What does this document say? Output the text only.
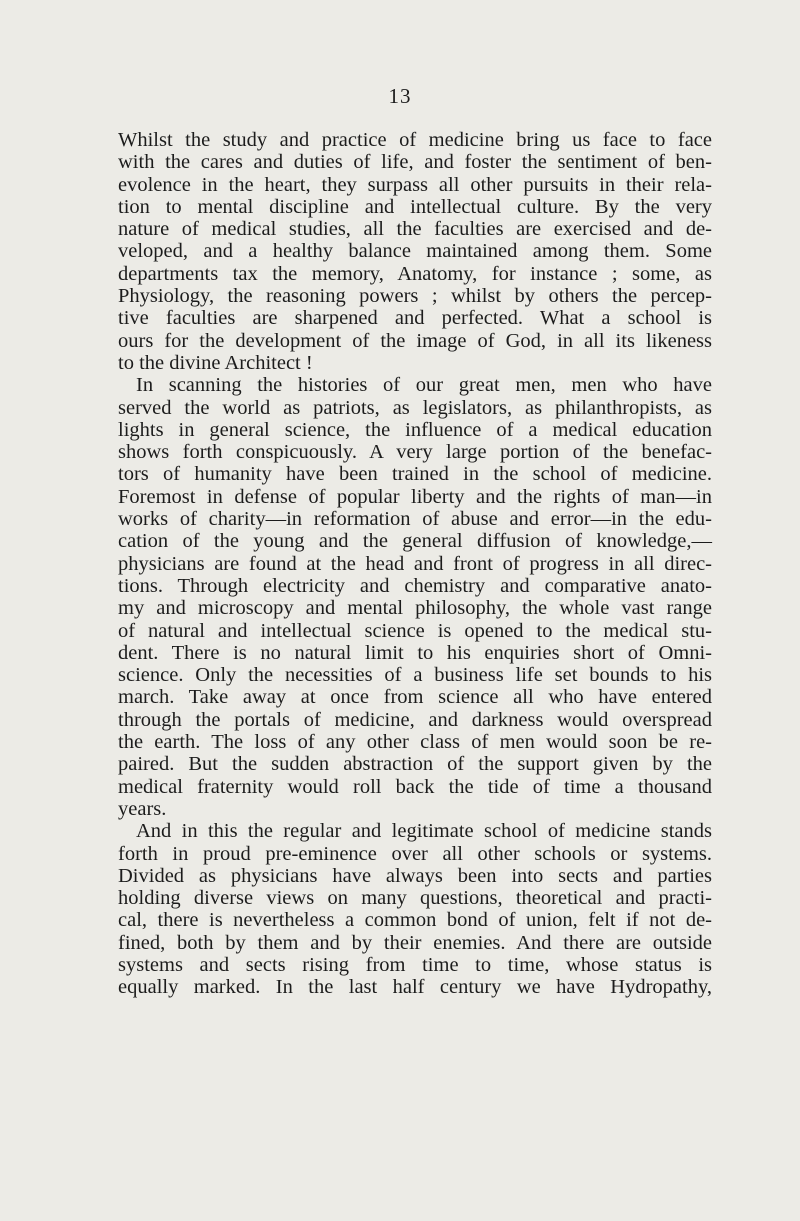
13
Whilst the study and practice of medicine bring us face to face
with the cares and duties of life, and foster the sentiment of ben-
evolence in the heart, they surpass all other pursuits in their rela-
tion to mental discipline and intellectual culture. By the very
nature of medical studies, all the faculties are exercised and de-
veloped, and a healthy balance maintained among them. Some
departments tax the memory, Anatomy, for instance ; some, as
Physiology, the reasoning powers ; whilst by others the percep-
tive faculties are sharpened and perfected. What a school is
ours for the development of the image of God, in all its likeness
to the divine Architect !
In scanning the histories of our great men, men who have
served the world as patriots, as legislators, as philanthropists, as
lights in general science, the influence of a medical education
shows forth conspicuously. A very large portion of the benefac-
tors of humanity have been trained in the school of medicine.
Foremost in defense of popular liberty and the rights of man—in
works of charity—in reformation of abuse and error—in the edu-
cation of the young and the general diffusion of knowledge,—
physicians are found at the head and front of progress in all direc-
tions. Through electricity and chemistry and comparative anato-
my and microscopy and mental philosophy, the whole vast range
of natural and intellectual science is opened to the medical stu-
dent. There is no natural limit to his enquiries short of Omni-
science. Only the necessities of a business life set bounds to his
march. Take away at once from science all who have entered
through the portals of medicine, and darkness would overspread
the earth. The loss of any other class of men would soon be re-
paired. But the sudden abstraction of the support given by the
medical fraternity would roll back the tide of time a thousand
years.
And in this the regular and legitimate school of medicine stands
forth in proud pre-eminence over all other schools or systems.
Divided as physicians have always been into sects and parties
holding diverse views on many questions, theoretical and practi-
cal, there is nevertheless a common bond of union, felt if not de-
fined, both by them and by their enemies. And there are outside
systems and sects rising from time to time, whose status is
equally marked. In the last half century we have Hydropathy,
